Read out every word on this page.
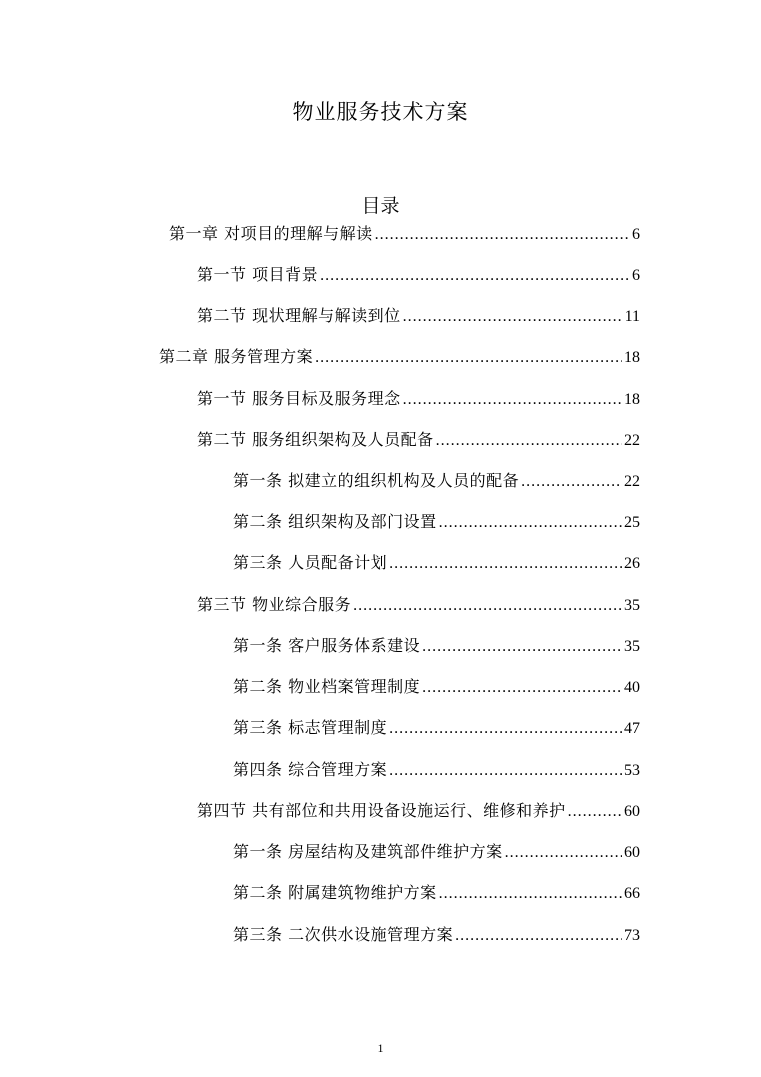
物业服务技术方案
目录
第一章 对项目的理解与解读 .....	6
第一节 项目背景 .....	6
第二节 现状理解与解读到位 .....	11
第二章 服务管理方案 .....	18
第一节 服务目标及服务理念 .....	18
第二节 服务组织架构及人员配备 .....	22
第一条 拟建立的组织机构及人员的配备 .....	22
第二条 组织架构及部门设置 .....	25
第三条 人员配备计划 .....	26
第三节 物业综合服务 .....	35
第一条 客户服务体系建设 .....	35
第二条 物业档案管理制度 .....	40
第三条 标志管理制度 .....	47
第四条 综合管理方案 .....	53
第四节 共有部位和共用设备设施运行、维修和养护 .....	60
第一条 房屋结构及建筑部件维护方案 .....	60
第二条 附属建筑物维护方案 .....	66
第三条 二次供水设施管理方案 .....	73
1
